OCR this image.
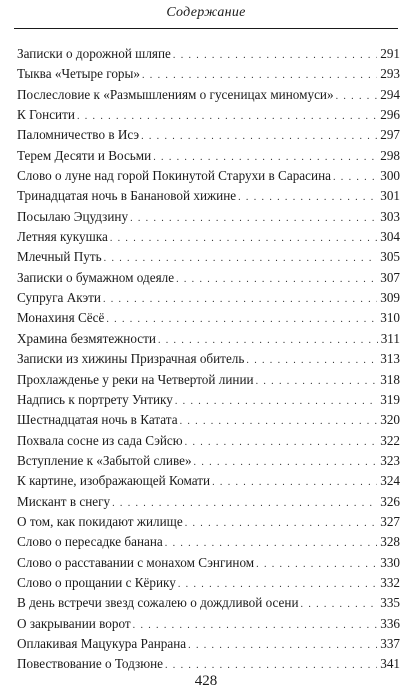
Содержание
Записки о дорожной шляпе . . .	291
Тыква «Четыре горы» . . .	293
Послесловие к «Размышлениям о гусеницах миномуси» . . .	294
К Гонсити . . .	296
Паломничество в Исэ . . .	297
Терем Десяти и Восьми . . .	298
Слово о луне над горой Покинутой Старухи в Сарасина . . .	300
Тринадцатая ночь в Банановой хижине . . .	301
Посылаю Эцудзину . . .	303
Летняя кукушка . . .	304
Млечный Путь . . .	305
Записки о бумажном одеяле . . .	307
Супруга Акэти . . .	309
Монахиня Сёсё . . .	310
Хрaмина безмятежности . . .	311
Записки из хижины Призрачная обитель . . .	313
Прохлажденье у реки на Четвертой линии . . .	318
Надпись к портрету Унтику . . .	319
Шестнадцатая ночь в Катата . . .	320
Похвала сосне из сада Сэйсю . . .	322
Вступление к «Забытой сливе» . . .	323
К картине, изображающей Комати . . .	324
Мискант в снегу . . .	326
О том, как покидают жилище . . .	327
Слово о пересадке банана . . .	328
Слово о расставании с монахом Сэнгином . . .	330
Слово о прощании с Кёрику . . .	332
В день встречи звезд сожалею о дождливой осени . . .	335
О закрывании ворот . . .	336
Оплакивая Мацукура Ранрана . . .	337
Повествование о Тодзюне . . .	341
428
